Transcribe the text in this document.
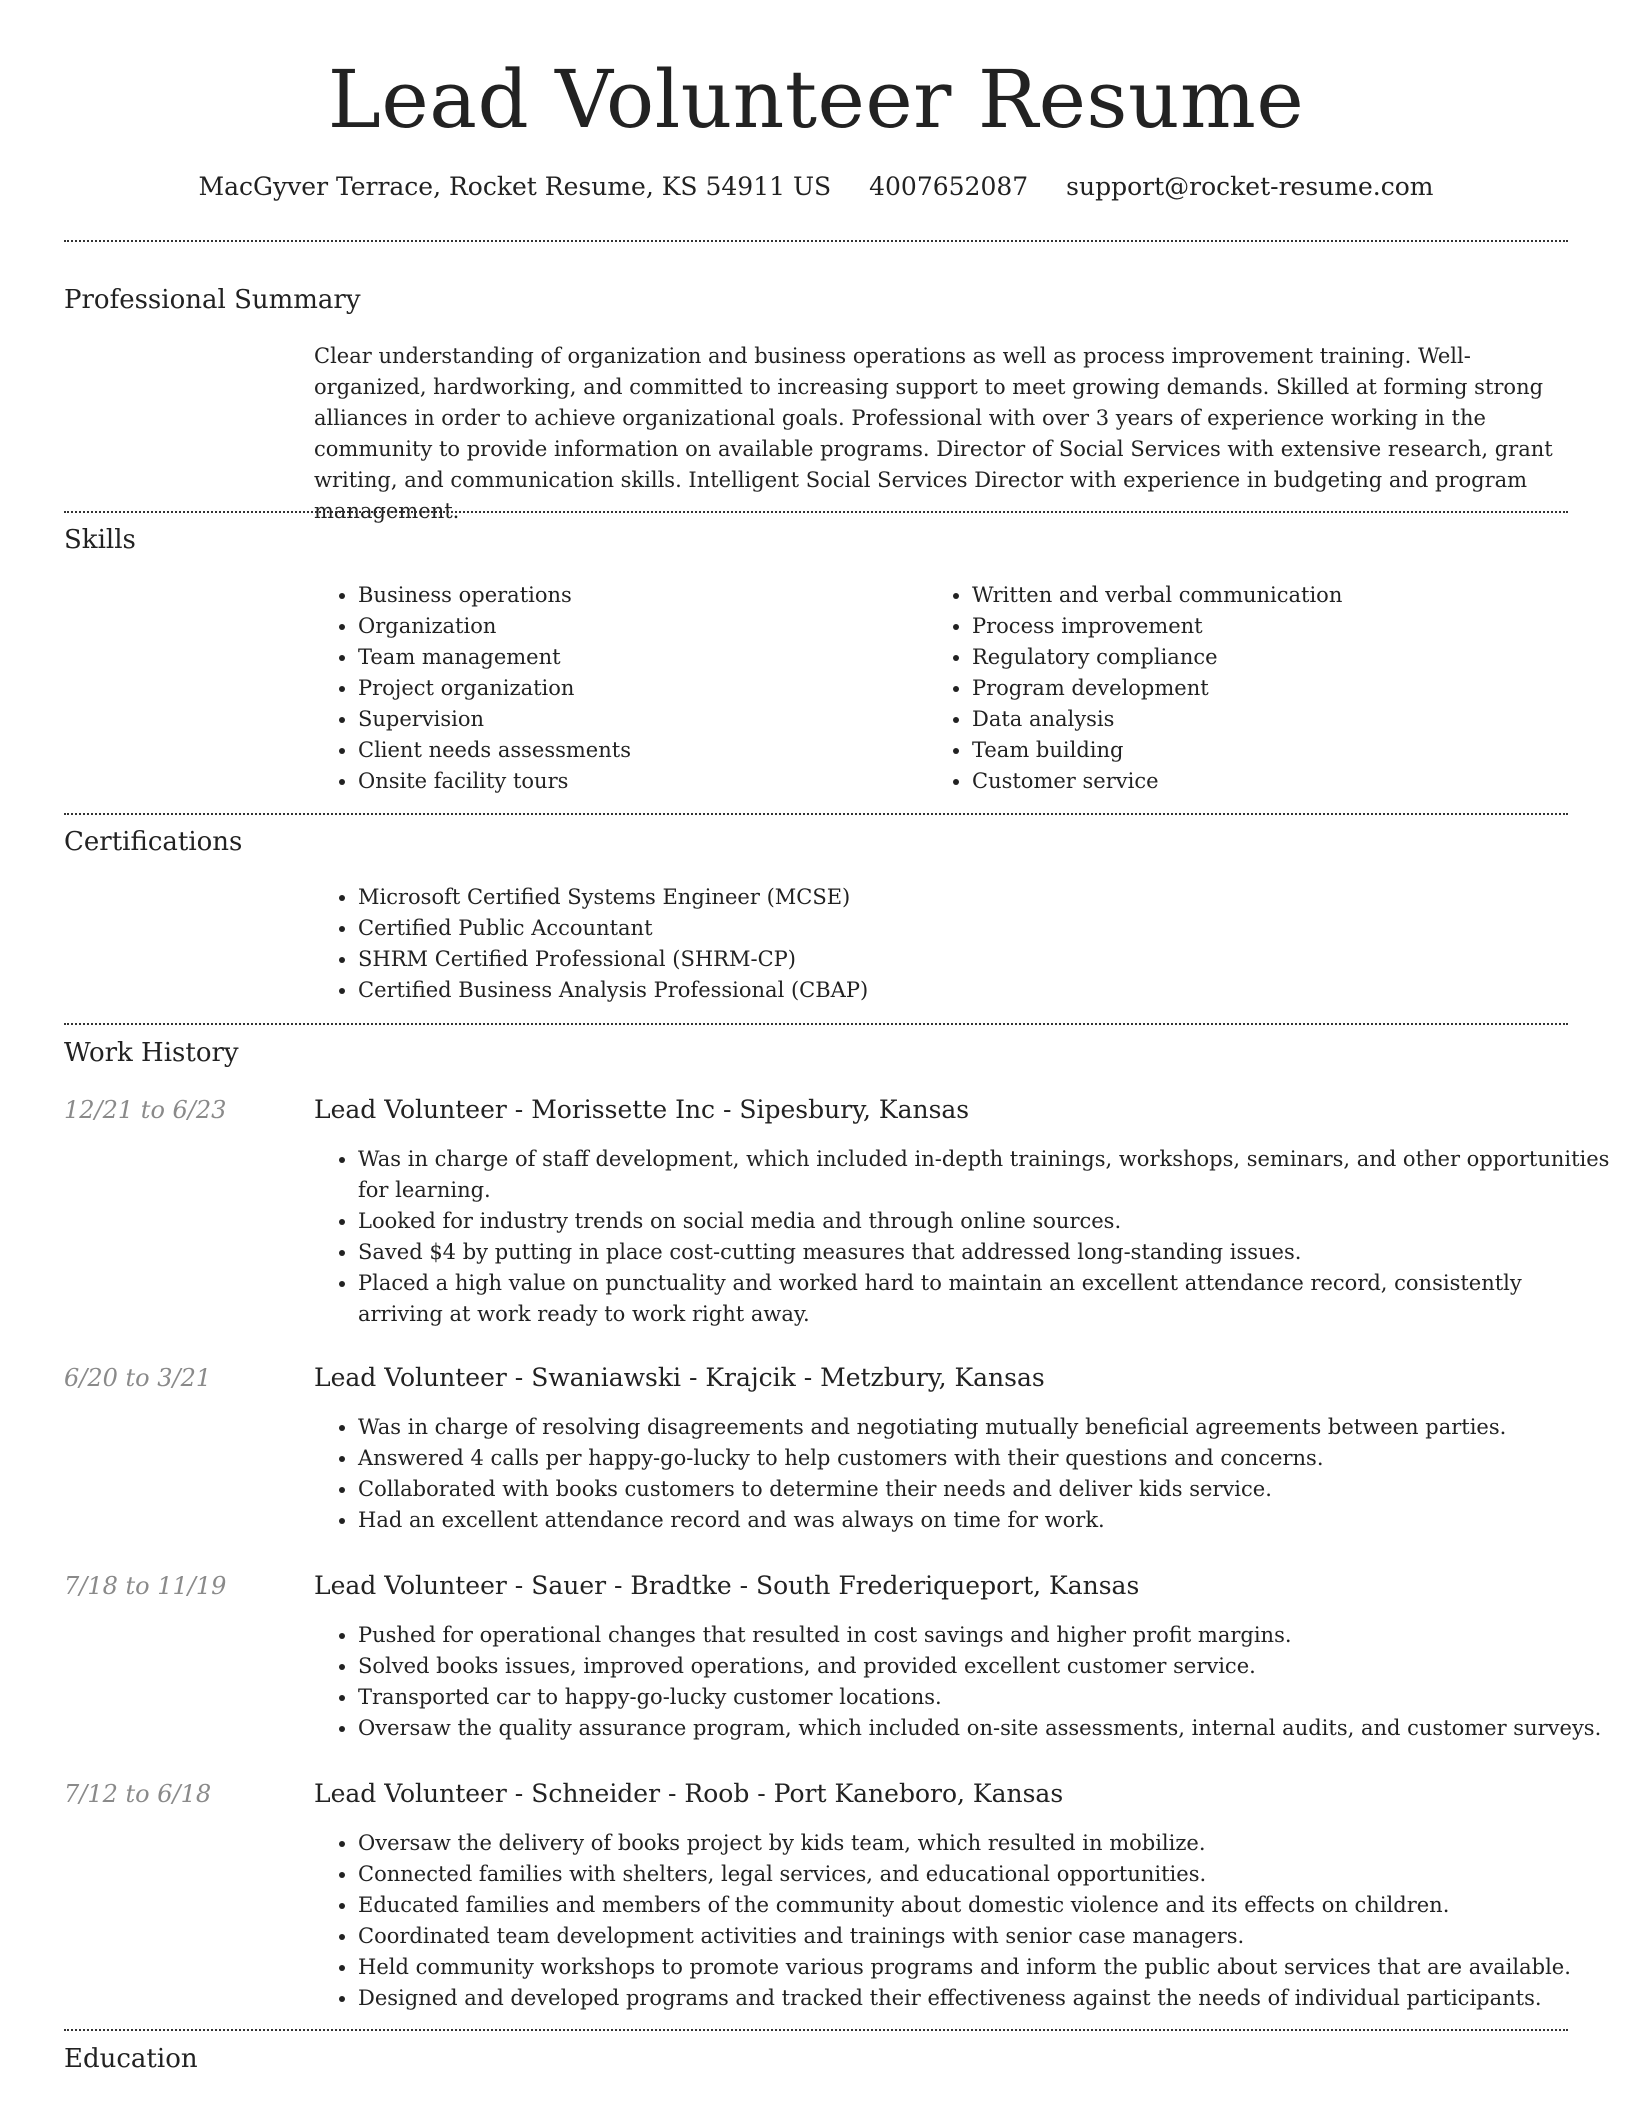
Lead Volunteer Resume
MacGyver Terrace, Rocket Resume, KS 54911 US 4007652087 support@rocket-resume.com
Professional Summary
Clear understanding of organization and business operations as well as process improvement training. Well-organized, hardworking, and committed to increasing support to meet growing demands. Skilled at forming strong alliances in order to achieve organizational goals. Professional with over 3 years of experience working in the community to provide information on available programs. Director of Social Services with extensive research, grant writing, and communication skills. Intelligent Social Services Director with experience in budgeting and program management.
Skills
• Business operations
• Organization
• Team management
• Project organization
• Supervision
• Client needs assessments
• Onsite facility tours
• Written and verbal communication
• Process improvement
• Regulatory compliance
• Program development
• Data analysis
• Team building
• Customer service
Certifications
• Microsoft Certified Systems Engineer (MCSE)
• Certified Public Accountant
• SHRM Certified Professional (SHRM-CP)
• Certified Business Analysis Professional (CBAP)
Work History
12/21 to 6/23	Lead Volunteer - Morissette Inc - Sipesbury, Kansas
• Was in charge of staff development, which included in-depth trainings, workshops, seminars, and other opportunities for learning.
• Looked for industry trends on social media and through online sources.
• Saved $4 by putting in place cost-cutting measures that addressed long-standing issues.
• Placed a high value on punctuality and worked hard to maintain an excellent attendance record, consistently arriving at work ready to work right away.
6/20 to 3/21	Lead Volunteer - Swaniawski - Krajcik - Metzbury, Kansas
• Was in charge of resolving disagreements and negotiating mutually beneficial agreements between parties.
• Answered 4 calls per happy-go-lucky to help customers with their questions and concerns.
• Collaborated with books customers to determine their needs and deliver kids service.
• Had an excellent attendance record and was always on time for work.
7/18 to 11/19	Lead Volunteer - Sauer - Bradtke - South Frederiqueport, Kansas
• Pushed for operational changes that resulted in cost savings and higher profit margins.
• Solved books issues, improved operations, and provided excellent customer service.
• Transported car to happy-go-lucky customer locations.
• Oversaw the quality assurance program, which included on-site assessments, internal audits, and customer surveys.
7/12 to 6/18	Lead Volunteer - Schneider - Roob - Port Kaneboro, Kansas
• Oversaw the delivery of books project by kids team, which resulted in mobilize.
• Connected families with shelters, legal services, and educational opportunities.
• Educated families and members of the community about domestic violence and its effects on children.
• Coordinated team development activities and trainings with senior case managers.
• Held community workshops to promote various programs and inform the public about services that are available.
• Designed and developed programs and tracked their effectiveness against the needs of individual participants.
Education
